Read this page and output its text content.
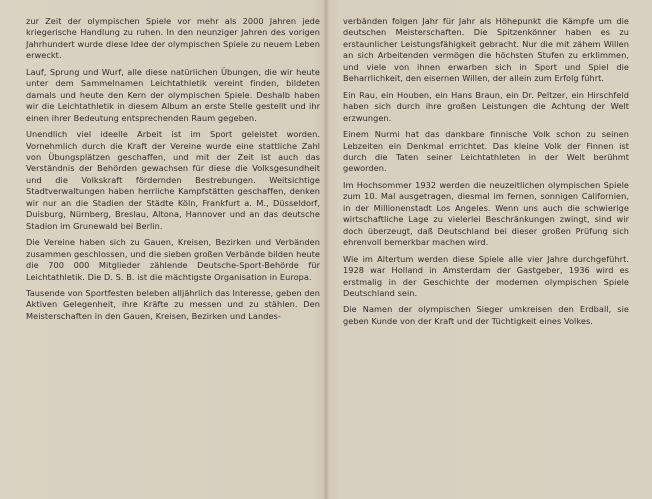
zur Zeit der olympischen Spiele vor mehr als 2000 Jahren jede kriegerische Handlung zu ruhen. In den neunziger Jahren des vorigen Jahrhundert wurde diese Idee der olympischen Spiele zu neuem Leben erweckt.

Lauf, Sprung und Wurf, alle diese natürlichen Übungen, die wir heute unter dem Sammelnamen Leichtathletik vereint finden, bildeten damals und heute den Kern der olympischen Spiele. Deshalb haben wir die Leichtathletik in diesem Album an erste Stelle gestellt und ihr einen ihrer Bedeutung entsprechenden Raum gegeben.

Unendlich viel ideelle Arbeit ist im Sport geleistet worden. Vornehmlich durch die Kraft der Vereine wurde eine stattliche Zahl von Übungsplätzen geschaffen, und mit der Zeit ist auch das Verständnis der Behörden gewachsen für diese die Volksgesundheit und die Volkskraft fördernden Bestrebungen. Weitsichtige Stadtverwaltungen haben herrliche Kampfstätten geschaffen, denken wir nur an die Stadien der Städte Köln, Frankfurt a. M., Düsseldorf, Duisburg, Nürnberg, Breslau, Altona, Hannover und an das deutsche Stadion im Grunewald bei Berlin.

Die Vereine haben sich zu Gauen, Kreisen, Bezirken und Verbänden zusammen geschlossen, und die sieben großen Verbände bilden heute die 700 000 Mitglieder zählende Deutsche-Sport-Behörde für Leichtathletik. Die D. S. B. ist die mächtigste Organisation in Europa.

Tausende von Sportfesten beleben alljährlich das Interesse, geben den Aktiven Gelegenheit, ihre Kräfte zu messen und zu stählen. Den Meisterschaften in den Gauen, Kreisen, Bezirken und Landes-

verbänden folgen Jahr für Jahr als Höhepunkt die Kämpfe um die deutschen Meisterschaften. Die Spitzenkönner haben es zu erstaunlicher Leistungsfähigkeit gebracht. Nur die mit zähem Willen an sich Arbeitenden vermögen die höchsten Stufen zu erklimmen, und viele von ihnen erwarben sich in Sport und Spiel die Beharrlichkeit, den eisernen Willen, der allein zum Erfolg führt.

Ein Rau, ein Houben, ein Hans Braun, ein Dr. Peltzer, ein Hirschfeld haben sich durch ihre großen Leistungen die Achtung der Welt erzwungen.

Einem Nurmi hat das dankbare finnische Volk schon zu seinen Lebzeiten ein Denkmal errichtet. Das kleine Volk der Finnen ist durch die Taten seiner Leichtathleten in der Welt berühmt geworden.

Im Hochsommer 1932 werden die neuzeitlichen olympischen Spiele zum 10. Mal ausgetragen, diesmal im fernen, sonnigen Californien, in der Millionenstadt Los Angeles. Wenn uns auch die schwierige wirtschaftliche Lage zu vielerlei Beschränkungen zwingt, sind wir doch überzeugt, daß Deutschland bei dieser großen Prüfung sich ehrenvoll bemerkbar machen wird.

Wie im Altertum werden diese Spiele alle vier Jahre durchgeführt. 1928 war Holland in Amsterdam der Gastgeber, 1936 wird es erstmalig in der Geschichte der modernen olympischen Spiele Deutschland sein.

Die Namen der olympischen Sieger umkreisen den Erdball, sie geben Kunde von der Kraft und der Tüchtigkeit eines Volkes.
